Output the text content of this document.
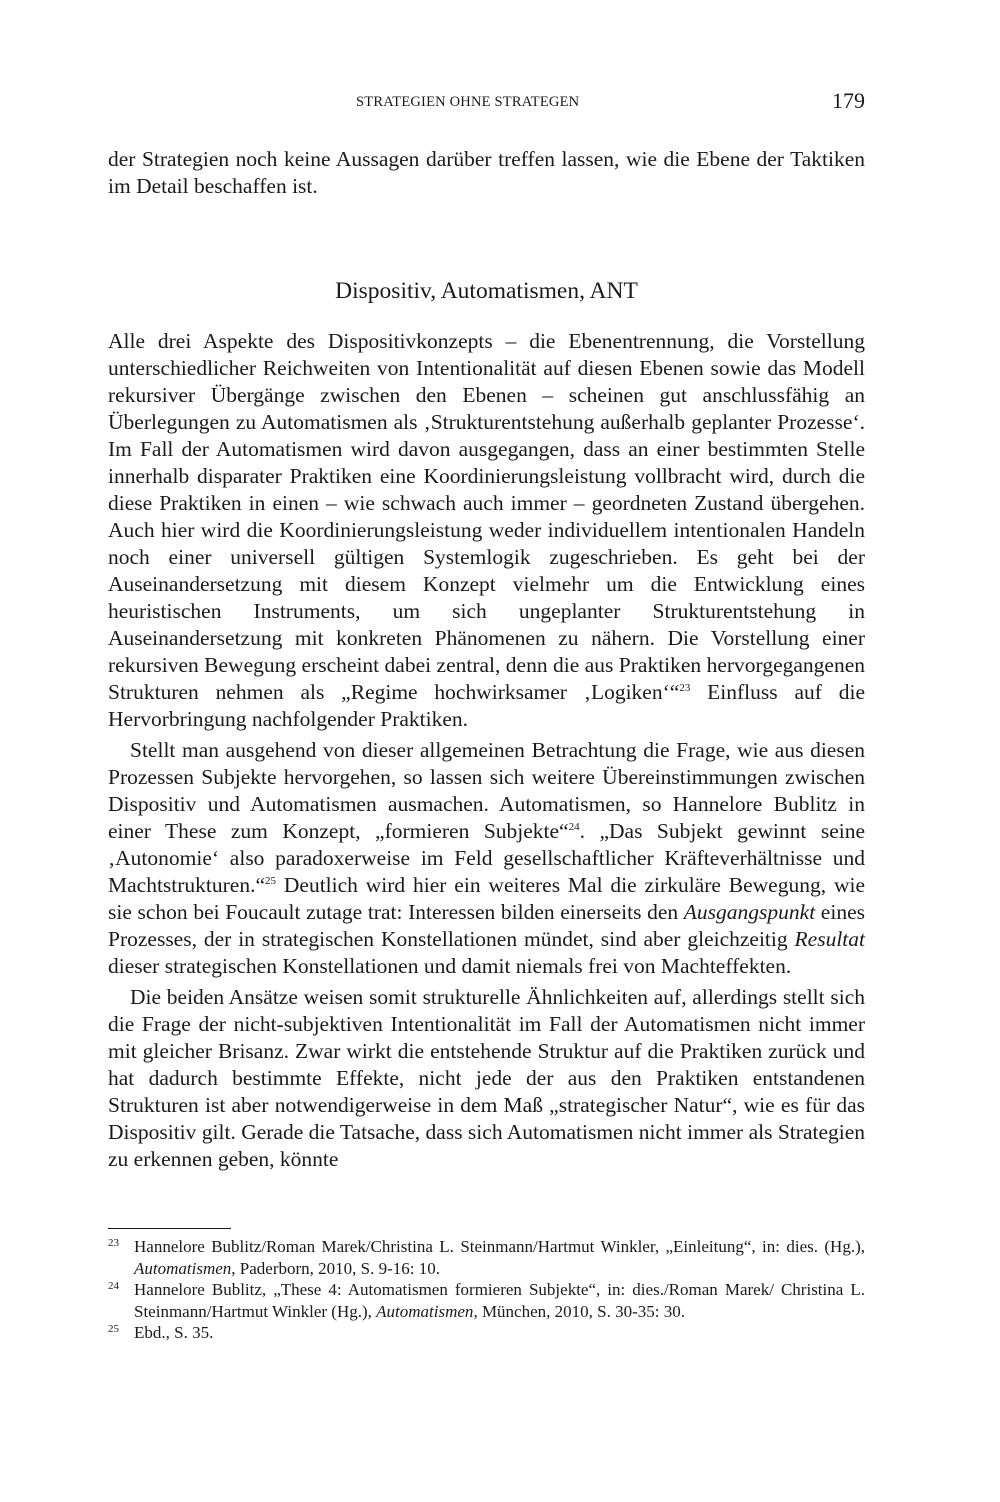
STRATEGIEN OHNE STRATEGEN	179

der Strategien noch keine Aussagen darüber treffen lassen, wie die Ebene der Taktiken im Detail beschaffen ist.

Dispositiv, Automatismen, ANT

Alle drei Aspekte des Dispositivkonzepts – die Ebenentrennung, die Vorstellung unterschiedlicher Reichweiten von Intentionalität auf diesen Ebenen sowie das Modell rekursiver Übergänge zwischen den Ebenen – scheinen gut anschlussfähig an Überlegungen zu Automatismen als ‚Strukturentstehung außerhalb geplanter Prozesse‘. Im Fall der Automatismen wird davon ausgegangen, dass an einer bestimmten Stelle innerhalb disparater Praktiken eine Koordinierungsleistung vollbracht wird, durch die diese Praktiken in einen – wie schwach auch immer – geordneten Zustand übergehen. Auch hier wird die Koordinierungsleistung weder individuellem intentionalen Handeln noch einer universell gültigen Systemlogik zugeschrieben. Es geht bei der Auseinandersetzung mit diesem Konzept vielmehr um die Entwicklung eines heuristischen Instruments, um sich ungeplanter Strukturentstehung in Auseinandersetzung mit konkreten Phänomenen zu nähern. Die Vorstellung einer rekursiven Bewegung erscheint dabei zentral, denn die aus Praktiken hervorgegangenen Strukturen nehmen als „Regime hochwirksamer ‚Logiken‘“$^{23}$ Einfluss auf die Hervorbringung nachfolgender Praktiken.

Stellt man ausgehend von dieser allgemeinen Betrachtung die Frage, wie aus diesen Prozessen Subjekte hervorgehen, so lassen sich weitere Übereinstimmungen zwischen Dispositiv und Automatismen ausmachen. Automatismen, so Hannelore Bublitz in einer These zum Konzept, „formieren Subjekte“$^{24}$. „Das Subjekt gewinnt seine ‚Autonomie‘ also paradoxerweise im Feld gesellschaftlicher Kräfteverhältnisse und Machtstrukturen.“$^{25}$ Deutlich wird hier ein weiteres Mal die zirkuläre Bewegung, wie sie schon bei Foucault zutage trat: Interessen bilden einerseits den Ausgangspunkt eines Prozesses, der in strategischen Konstellationen mündet, sind aber gleichzeitig Resultat dieser strategischen Konstellationen und damit niemals frei von Machteffekten.

Die beiden Ansätze weisen somit strukturelle Ähnlichkeiten auf, allerdings stellt sich die Frage der nicht-subjektiven Intentionalität im Fall der Automatismen nicht immer mit gleicher Brisanz. Zwar wirkt die entstehende Struktur auf die Praktiken zurück und hat dadurch bestimmte Effekte, nicht jede der aus den Praktiken entstandenen Strukturen ist aber notwendigerweise in dem Maß „strategischer Natur“, wie es für das Dispositiv gilt. Gerade die Tatsache, dass sich Automatismen nicht immer als Strategien zu erkennen geben, könnte

23 Hannelore Bublitz/Roman Marek/Christina L. Steinmann/Hartmut Winkler, „Einleitung“, in: dies. (Hg.), Automatismen, Paderborn, 2010, S. 9-16: 10.
24 Hannelore Bublitz, „These 4: Automatismen formieren Subjekte“, in: dies./Roman Marek/ Christina L. Steinmann/Hartmut Winkler (Hg.), Automatismen, München, 2010, S. 30-35: 30.
25 Ebd., S. 35.
